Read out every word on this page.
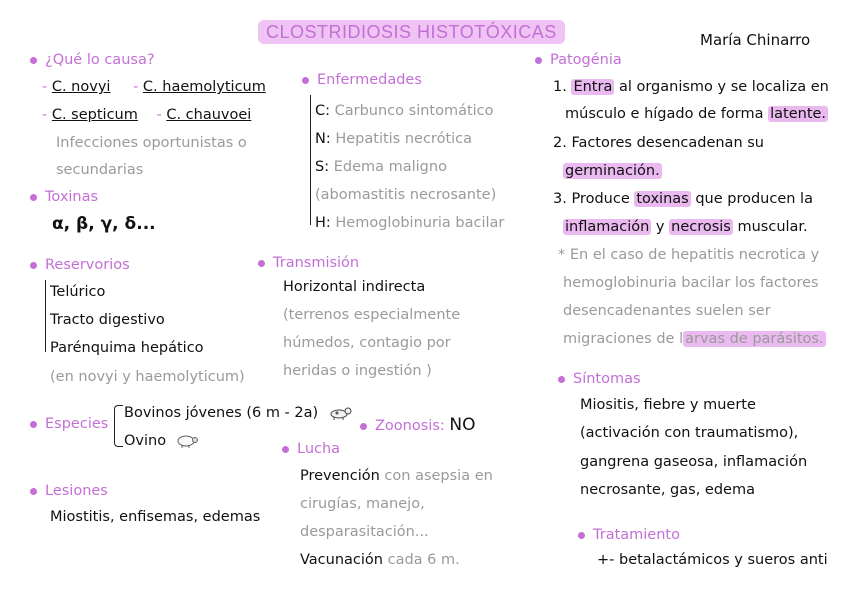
CLOSTRIDIOSIS HISTOTÓXICAS	María Chinarro
¿Qué lo causa?
- C. novyi - C. haemolyticum
- C. septicum - C. chauvoei
Infecciones oportunistas o
secundarias
Toxinas
α, β, γ, δ...
Reservorios
Telúrico
Tracto digestivo
Parénquima hepático
(en novyi y haemolyticum)
Especies
Bovinos jóvenes (6 m - 2a)
Ovino
Lesiones
Miostitis, enfisemas, edemas
Enfermedades
C: Carbunco sintomático
N: Hepatitis necrótica
S: Edema maligno
(abomastitis necrosante)
H: Hemoglobinuria bacilar
Transmisión
Horizontal indirecta
(terrenos especialmente
húmedos, contagio por
heridas o ingestión )
Zoonosis: NO
Lucha
Prevención con asepsia en
cirugías, manejo,
desparasitación...
Vacunación cada 6 m.
Patogénia
1. Entra al organismo y se localiza en
músculo e hígado de forma latente.
2. Factores desencadenan su
germinación.
3. Produce toxinas que producen la
inflamación y necrosis muscular.
* En el caso de hepatitis necrotica y
hemoglobinuria bacilar los factores
desencadenantes suelen ser
migraciones de l arvas de parásitos.
Síntomas
Miositis, fiebre y muerte
(activación con traumatismo),
gangrena gaseosa, inflamación
necrosante, gas, edema
Tratamiento
+- betalactámicos y sueros anti
